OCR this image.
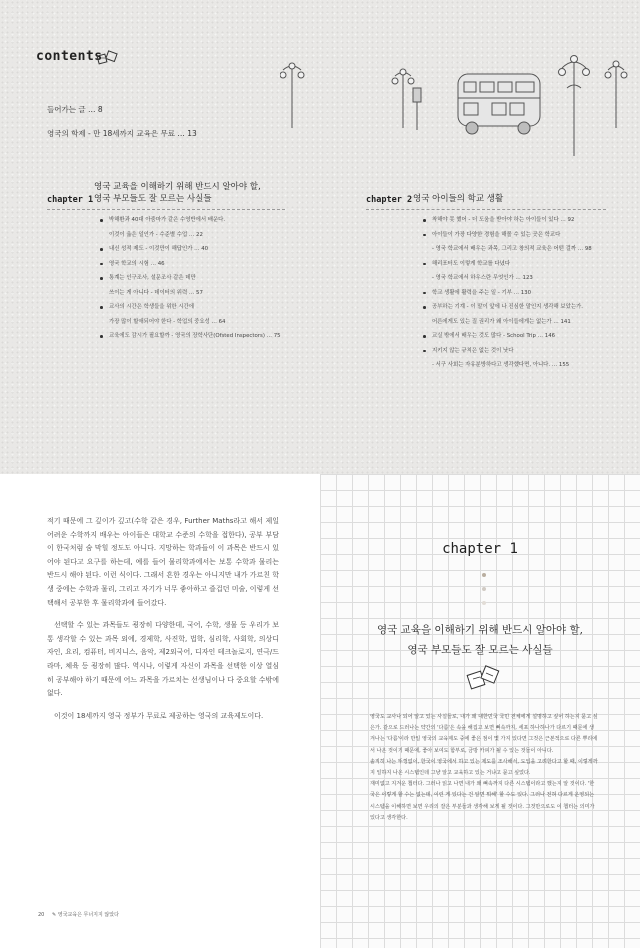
contents
들어가는 글 … 8
영국의 학제 - 만 18세까지 교육은 무료 … 13
영국 교육을 이해하기 위해 반드시 알아야 할,
chapter 1 영국 부모들도 잘 모르는 사실들
박해환과 40대 아줌마가 같은 수영반에서 배운다.
이것이 옳은 일인가 - 수준별 수업 … 22
내신 성적 제도 - 이것만이 해답인가 … 40
영국 학교의 시험 … 46
통계는 인구조사, 설문조사 같은 데만
쓰이는 게 아니다 - 데이터의 위력 … 57
교사의 시간은 학생들을 위한 시간에
가장 많이 할애되어야 한다 - 학업의 중요성 … 64
교육에도 감시가 필요할까 - 영국의 장학사단(Ofsted Inspectors) … 75
chapter 2 영국 아이들의 학교 생활
착해야 못 했어 - 더 도움을 받아야 하는 아이들이 있다 … 92
아이들이 가장 다양한 경험을 해볼 수 있는 곳은 학교다
- 영국 학교에서 배우는 과목, 그리고 창의적 교육은 어떤 걸까 … 98
해리포터도 이렇게 학교를 다녔다
- 영국 학교에서 하우스란 무엇인가 … 123
학교 생활에 활력을 주는 일 - 기부 … 130
공부하는 기계 - 이 말이 앞에 나 진심한 말인지 생각해 보았는가.
어른에게도 있는 질 권리가 왜 아이들에게는 없는가 … 141
교실 밖에서 배우는 것도 많다 - School Trip … 146
지키지 않는 규칙은 없는 것이 낫다
- 서구 사회는 자유분방하다고 생각했다면, 아니다. … 155

적기 때문에 그 깊이가 깊고(수학 같은 경우, Further Maths라고 해서 제일 어려운 수학까지 배우는 아이들은 대학교 수준의 수학을 접한다), 공부 부담이 한국처럼 숨 막힐 정도도 아니다. 지망하는 학과들이 이 과목은 반드시 있어야 된다고 요구를 하는데, 예를 들어 물리학과에서는 보통 수학과 물리는 반드시 해야 된다. 이런 식이다. 그래서 흔한 경우는 아니지만 내가 가르친 학생 중에는 수학과 물리, 그리고 자기가 너무 좋아하고 즐겁던 미술, 이렇게 선택해서 공부한 후 물리학과에 들어갔다.

선택할 수 있는 과목들도 굉장히 다양한데, 국어, 수학, 생물 등 우리가 보통 생각할 수 있는 과목 외에, 경제학, 사진학, 법학, 심리학, 사회학, 의상디자인, 요리, 컴퓨터, 비지니스, 음악, 제2외국어, 디자인 테크놀로지, 연극/드라마, 체육 등 굉장히 많다. 역시나, 이렇게 자신이 과목을 선택한 이상 열심히 공부해야 하기 때문에 어느 과목을 가르치는 선생님이나 다 중요할 수밖에 없다.

이것이 18세까지 영국 정부가 무료로 제공하는 영국의 교육제도이다.

20 ✎ 영국교육은 무너지지 않았다
chapter 1
영국 교육을 이해하기 위해 반드시 알아야 할,
영국 부모들도 잘 모르는 사실들

영국도 교사나 되어 알고 있는 사실들로, 내가 왜 대한민국 국민 전체에게 설명하고 싶어 하는지 묻고 싶은가. 같으로 드러나는 약간의 '다름'은 속을 해집고 보면 뼈속까지, 세포 하나하나가 다르기 때문에 생겨나는 '다름'이라 만일 영국의 교육제도 중에 좋은 점이 몇 가지 있다면 그것은 근본적으로 다른 뿌리에서 나온 것이기 때문에, 좋아 보여도 함부로, 금방 카피가 될 수 있는 것들이 아니다.

솔직히 나는 뚜껑없이, 한국이 영국에서 하고 있는 제도를 조사해서, 도입을 고려한다고 할 때, 이렇게까지 일하지 나온 시스템인데 그냥 알고 교육하고 있는 거냐고 묻고 싶었다.

재미없고 지겨운 챕터다. 그러나 읽고 나면 내가 왜 뼈속까지 다른 시스템이라고 했는지 알 것이다. '한국은 이렇게 할 수는 없는데, 이런 게 있다는 건 알면 뭐해' 할 수도 있다. 그러나 전혀 다르게 운영되는 시스템을 이해하면 보면 우리의 잘은 부분들과 생각해 보게 될 것이다. 그것만으로도 이 챕터는 의미가 있다고 생각한다.
